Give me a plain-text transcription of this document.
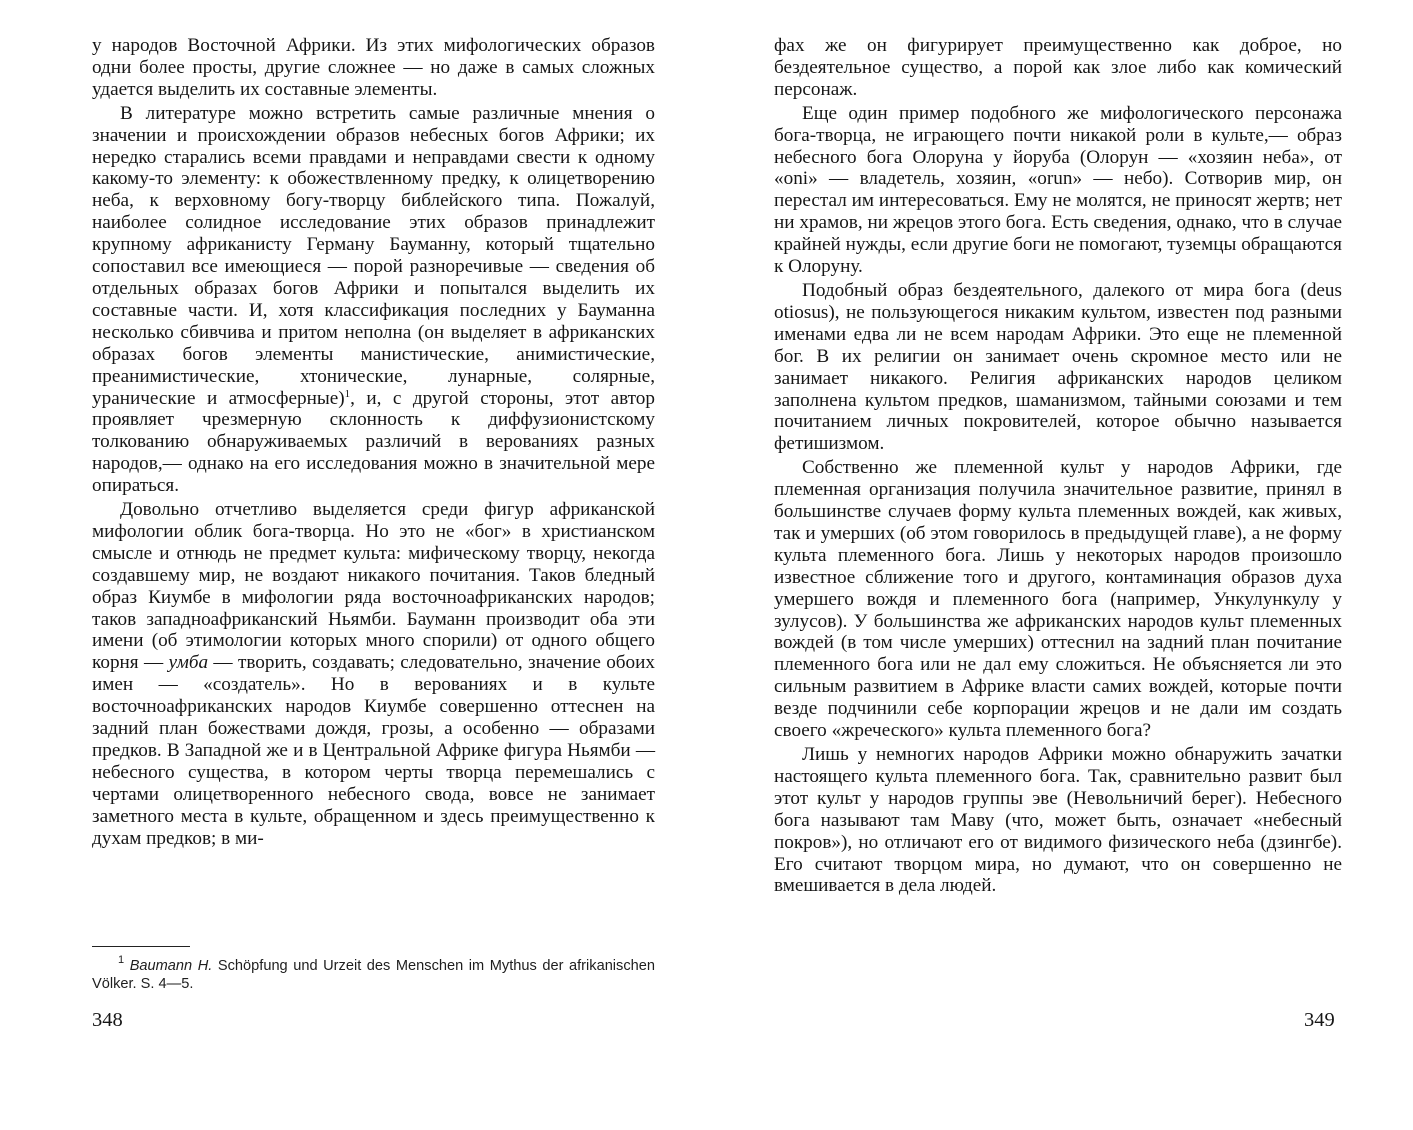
у народов Восточной Африки. Из этих мифологических образов одни более просты, другие сложнее — но даже в самых сложных удается выделить их составные элементы.

В литературе можно встретить самые различные мнения о значении и происхождении образов небесных богов Африки; их нередко старались всеми правдами и неправдами свести к одному какому-то элементу: к обожествленному предку, к олицетворению неба, к верховному богу-творцу библейского типа. Пожалуй, наиболее солидное исследование этих образов принадлежит крупному африканисту Герману Бауманну, который тщательно сопоставил все имеющиеся — порой разноречивые — сведения об отдельных образах богов Африки и попытался выделить их составные части. И, хотя классификация последних у Бауманна несколько сбивчива и притом неполна (он выделяет в африканских образах богов элементы манистические, анимистические, преанимистические, хтонические, лунарные, солярные, уранические и атмосферные)$^1$, и, с другой стороны, этот автор проявляет чрезмерную склонность к диффузионистскому толкованию обнаруживаемых различий в верованиях разных народов,— однако на его исследования можно в значительной мере опираться.

Довольно отчетливо выделяется среди фигур африканской мифологии облик бога-творца. Но это не «бог» в христианском смысле и отнюдь не предмет культа: мифическому творцу, некогда создавшему мир, не воздают никакого почитания. Таков бледный образ Киумбе в мифологии ряда восточноафриканских народов; таков западноафриканский Ньямби. Бауманн производит оба эти имени (об этимологии которых много спорили) от одного общего корня — умба — творить, создавать; следовательно, значение обоих имен — «создатель». Но в верованиях и в культе восточноафриканских народов Киумбе совершенно оттеснен на задний план божествами дождя, грозы, а особенно — образами предков. В Западной же и в Центральной Африке фигура Ньямби — небесного существа, в котором черты творца перемешались с чертами олицетворенного небесного свода, вовсе не занимает заметного места в культе, обращенном и здесь преимущественно к духам предков; в ми-

$^1$ Baumann H. Schöpfung und Urzeit des Menschen im Mythus der afrikanischen Völker. S. 4—5.
348

фах же он фигурирует преимущественно как доброе, но бездеятельное существо, а порой как злое либо как комический персонаж.

Еще один пример подобного же мифологического персонажа бога-творца, не играющего почти никакой роли в культе,— образ небесного бога Олоруна у йоруба (Олорун — «хозяин неба», от «oni» — владетель, хозяин, «orun» — небо). Сотворив мир, он перестал им интересоваться. Ему не молятся, не приносят жертв; нет ни храмов, ни жрецов этого бога. Есть сведения, однако, что в случае крайней нужды, если другие боги не помогают, туземцы обращаются к Олоруну.

Подобный образ бездеятельного, далекого от мира бога (deus otiosus), не пользующегося никаким культом, известен под разными именами едва ли не всем народам Африки. Это еще не племенной бог. В их религии он занимает очень скромное место или не занимает никакого. Религия африканских народов целиком заполнена культом предков, шаманизмом, тайными союзами и тем почитанием личных покровителей, которое обычно называется фетишизмом.

Собственно же племенной культ у народов Африки, где племенная организация получила значительное развитие, принял в большинстве случаев форму культа племенных вождей, как живых, так и умерших (об этом говорилось в предыдущей главе), а не форму культа племенного бога. Лишь у некоторых народов произошло известное сближение того и другого, контаминация образов духа умершего вождя и племенного бога (например, Ункулункулу у зулусов). У большинства же африканских народов культ племенных вождей (в том числе умерших) оттеснил на задний план почитание племенного бога или не дал ему сложиться. Не объясняется ли это сильным развитием в Африке власти самих вождей, которые почти везде подчинили себе корпорации жрецов и не дали им создать своего «жреческого» культа племенного бога?

Лишь у немногих народов Африки можно обнаружить зачатки настоящего культа племенного бога. Так, сравнительно развит был этот культ у народов группы эве (Невольничий берег). Небесного бога называют там Маву (что, может быть, означает «небесный покров»), но отличают его от видимого физического неба (дзингбе). Его считают творцом мира, но думают, что он совершенно не вмешивается в дела людей.

349
